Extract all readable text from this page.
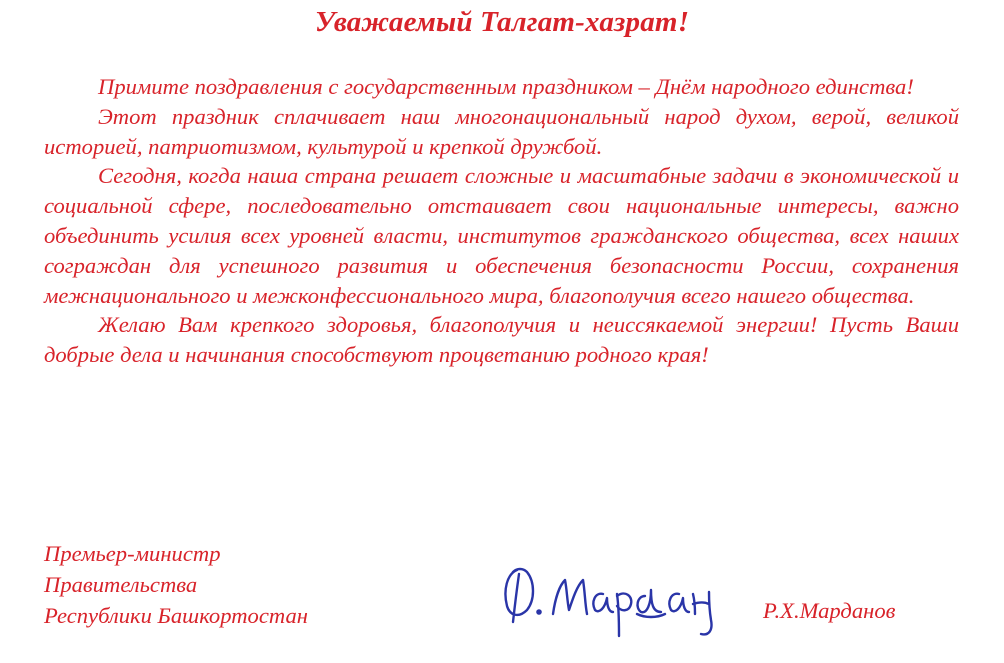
Уважаемый Талгат-хазрат!

Примите поздравления с государственным праздником – Днём народного единства!

Этот праздник сплачивает наш многонациональный народ духом, верой, великой историей, патриотизмом, культурой и крепкой дружбой.

Сегодня, когда наша страна решает сложные и масштабные задачи в экономической и социальной сфере, последовательно отстаивает свои национальные интересы, важно объединить усилия всех уровней власти, институтов гражданского общества, всех наших сограждан для успешного развития и обеспечения безопасности России, сохранения межнационального и межконфессионального мира, благополучия всего нашего общества.

Желаю Вам крепкого здоровья, благополучия и неиссякаемой энергии! Пусть Ваши добрые дела и начинания способствуют процветанию родного края!

Премьер-министр
Правительства
Республики Башкортостан	Р.Х.Марданов
